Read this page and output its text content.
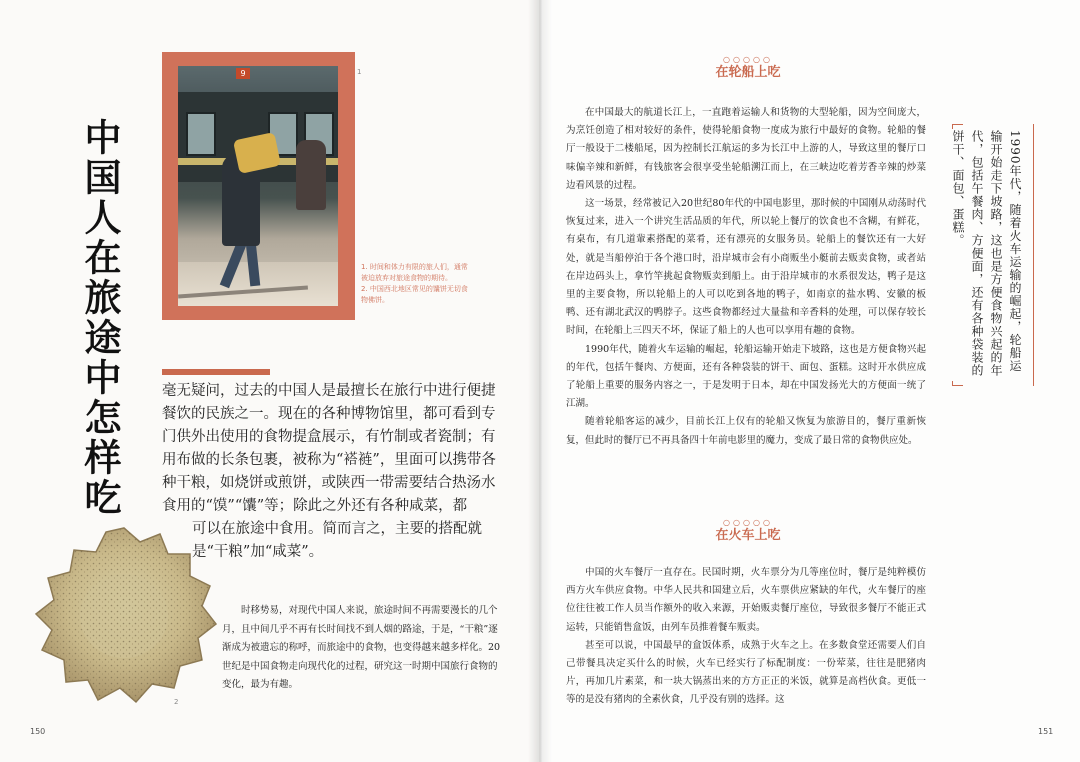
中国人在旅途中怎样吃
9	1
1. 时间和体力有限的旅人们，通常被迫放弃对旅途食物的期待。
2. 中国西北地区常见的馕饼无切食物佛饼。

毫无疑问，过去的中国人是最擅长在旅行中进行便捷餐饮的民族之一。现在的各种博物馆里，都可看到专门供外出使用的食物提盒展示，有竹制或者瓷制；有用布做的长条包裹，被称为“褡裢”，里面可以携带各种干粮，如烧饼或煎饼，或陕西一带需要结合热汤水食用的“馍”“馕”等；除此之外还有各种咸菜，都

可以在旅途中食用。简而言之，主要的搭配就是“干粮”加“咸菜”。

2

时移势易，对现代中国人来说，旅途时间不再需要漫长的几个月，且中间几乎不再有长时间找不到人烟的路途，于是，“干粮”逐渐成为被遗忘的称呼，而旅途中的食物，也变得越来越多样化。20世纪是中国食物走向现代化的过程，研究这一时期中国旅行食物的变化，最为有趣。

150
○○○○○
在轮船上吃

在中国最大的航道长江上，一直跑着运输人和货物的大型轮船，因为空间庞大，为烹饪创造了相对较好的条件，使得轮船食物一度成为旅行中最好的食物。轮船的餐厅一般设于二楼船尾，因为控制长江航运的多为长江中上游的人，导致这里的餐厅口味偏辛辣和新鲜，有钱旅客会很享受坐轮船溯江而上，在三峡边吃着芳香辛辣的炒菜边看风景的过程。

这一场景，经常被记入20世纪80年代的中国电影里，那时候的中国刚从动荡时代恢复过来，进入一个讲究生活品质的年代，所以轮上餐厅的饮食也不含糊，有鲜花，有桌布，有几道軰素搭配的菜肴，还有漂亮的女服务员。轮船上的餐饮还有一大好处，就是当船停泊于各个港口时，沿岸城市会有小商贩坐小艇前去贩卖食物，或者站在岸边码头上，拿竹竿挑起食物贩卖到船上。由于沿岸城市的水系很发达，鸭子是这里的主要食物，所以轮船上的人可以吃到各地的鸭子，如南京的盐水鸭、安徽的板鸭、还有湖北武汉的鸭脖子。这些食物都经过大量盐和辛香料的处理，可以保存较长时间，在轮船上三四天不坏，保证了船上的人也可以享用有趣的食物。

1990年代，随着火车运输的崛起，轮船运输开始走下坡路，这也是方便食物兴起的年代，包括午餐肉、方便面，还有各种袋装的饼干、面包、蛋糕。这时开水供应成了轮船上重要的服务内容之一，于是发明于日本，却在中国发扬光大的方便面一统了江湖。

随着轮船客运的减少，目前长江上仅有的轮船又恢复为旅游目的，餐厅重新恢复，但此时的餐厅已不再具备四十年前电影里的魔力，变成了最日常的食物供应处。

○○○○○
在火车上吃

中国的火车餐厅一直存在。民国时期，火车票分为几等座位时，餐厅是纯粹模仿西方火车供应食物。中华人民共和国建立后，火车票供应紧缺的年代，火车餐厅的座位往往被工作人员当作额外的收入来源，开始贩卖餐厅座位，导致很多餐厅不能正式运转，只能销售盒饭，由列车员推着餐车贩卖。

甚至可以说，中国最早的盒饭体系，成熟于火车之上。在多数食堂还需要人们自己带餐具决定买什么的时候，火车已经实行了标配制度：一份荤菜，往往是肥猪肉片，再加几片素菜，和一块大锅蒸出来的方方正正的米饭，就算是高档伙食。更低一等的是没有猪肉的全素伙食，几乎没有别的选择。这

1990年代，随着火车运输的崛起，轮船运输开始走下坡路，这也是方便食物兴起的年代，包括午餐肉、方便面，还有各种袋装的饼干、面包、蛋糕。
151
